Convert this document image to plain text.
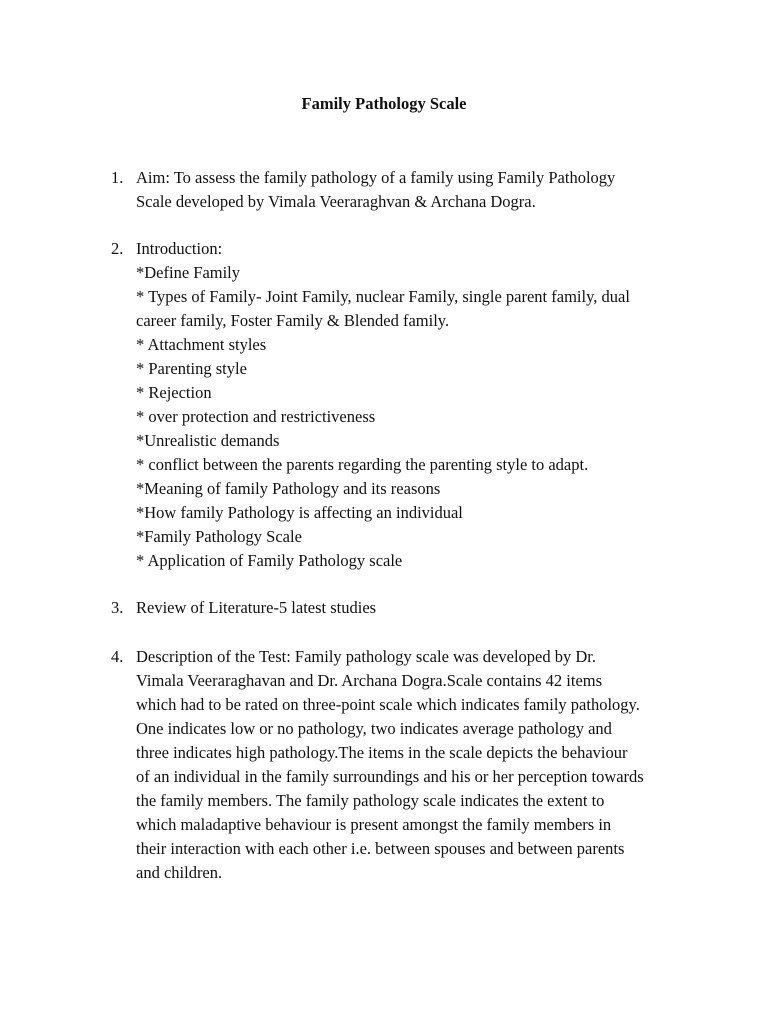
Family Pathology Scale
1. Aim: To assess the family pathology of a family using Family Pathology
Scale developed by Vimala Veeraraghvan & Archana Dogra.
2. Introduction:
*Define Family
* Types of Family- Joint Family, nuclear Family, single parent family, dual
career family, Foster Family & Blended family.
* Attachment styles
* Parenting style
* Rejection
* over protection and restrictiveness
*Unrealistic demands
* conflict between the parents regarding the parenting style to adapt.
*Meaning of family Pathology and its reasons
*How family Pathology is affecting an individual
*Family Pathology Scale
* Application of Family Pathology scale
3. Review of Literature-5 latest studies
4. Description of the Test: Family pathology scale was developed by Dr.
Vimala Veeraraghavan and Dr. Archana Dogra.Scale contains 42 items
which had to be rated on three-point scale which indicates family pathology.
One indicates low or no pathology, two indicates average pathology and
three indicates high pathology.The items in the scale depicts the behaviour
of an individual in the family surroundings and his or her perception towards
the family members. The family pathology scale indicates the extent to
which maladaptive behaviour is present amongst the family members in
their interaction with each other i.e. between spouses and between parents
and children.
